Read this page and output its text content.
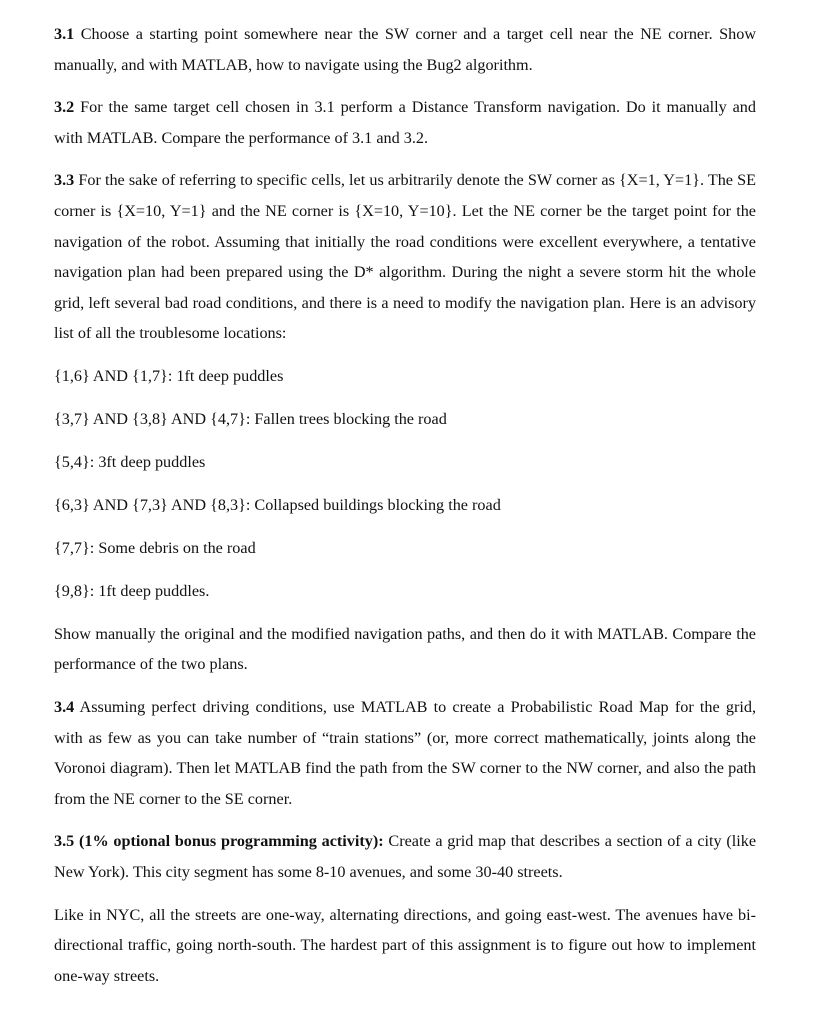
3.1 Choose a starting point somewhere near the SW corner and a target cell near the NE corner. Show manually, and with MATLAB, how to navigate using the Bug2 algorithm.

3.2 For the same target cell chosen in 3.1 perform a Distance Transform navigation. Do it manually and with MATLAB. Compare the performance of 3.1 and 3.2.

3.3 For the sake of referring to specific cells, let us arbitrarily denote the SW corner as {X=1, Y=1}. The SE corner is {X=10, Y=1} and the NE corner is {X=10, Y=10}. Let the NE corner be the target point for the navigation of the robot. Assuming that initially the road conditions were excellent everywhere, a tentative navigation plan had been prepared using the D* algorithm. During the night a severe storm hit the whole grid, left several bad road conditions, and there is a need to modify the navigation plan. Here is an advisory list of all the troublesome locations:

{1,6} AND {1,7}: 1ft deep puddles

{3,7} AND {3,8} AND {4,7}: Fallen trees blocking the road

{5,4}: 3ft deep puddles

{6,3} AND {7,3} AND {8,3}: Collapsed buildings blocking the road

{7,7}: Some debris on the road

{9,8}: 1ft deep puddles.

Show manually the original and the modified navigation paths, and then do it with MATLAB. Compare the performance of the two plans.

3.4 Assuming perfect driving conditions, use MATLAB to create a Probabilistic Road Map for the grid, with as few as you can take number of “train stations” (or, more correct mathematically, joints along the Voronoi diagram). Then let MATLAB find the path from the SW corner to the NW corner, and also the path from the NE corner to the SE corner.

3.5 (1% optional bonus programming activity): Create a grid map that describes a section of a city (like New York). This city segment has some 8-10 avenues, and some 30-40 streets.

Like in NYC, all the streets are one-way, alternating directions, and going east-west. The avenues have bi-directional traffic, going north-south. The hardest part of this assignment is to figure out how to implement one-way streets.
